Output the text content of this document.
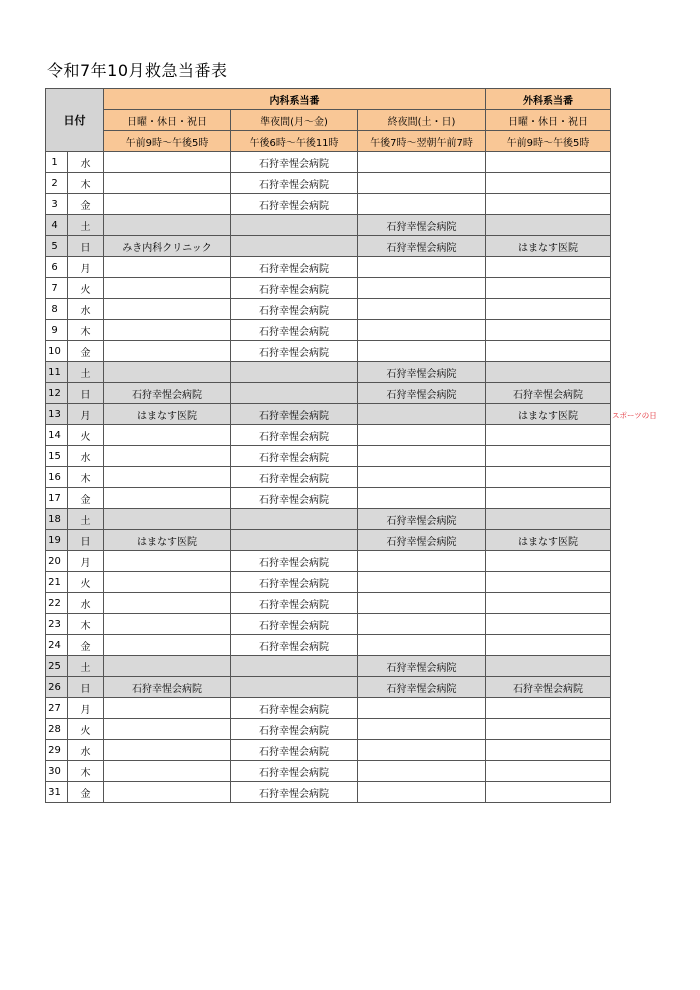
令和7年10月救急当番表
日付		内科系当番			外科系当番
		日曜・休日・祝日	準夜間(月～金)	終夜間(土・日)	日曜・休日・祝日
		午前9時～午後5時	午後6時～午後11時	午後7時～翌朝午前7時	午前9時～午後5時
1	水		石狩幸惺会病院		
2	木		石狩幸惺会病院		
3	金		石狩幸惺会病院		
4	土			石狩幸惺会病院	
5	日	みき内科クリニック		石狩幸惺会病院	はまなす医院
6	月		石狩幸惺会病院		
7	火		石狩幸惺会病院		
8	水		石狩幸惺会病院		
9	木		石狩幸惺会病院		
10	金		石狩幸惺会病院		
11	土			石狩幸惺会病院	
12	日	石狩幸惺会病院		石狩幸惺会病院	石狩幸惺会病院
13	月	はまなす医院	石狩幸惺会病院		はまなす医院
14	火		石狩幸惺会病院		
15	水		石狩幸惺会病院		
16	木		石狩幸惺会病院		
17	金		石狩幸惺会病院		
18	土			石狩幸惺会病院	
19	日	はまなす医院		石狩幸惺会病院	はまなす医院
20	月		石狩幸惺会病院		
21	火		石狩幸惺会病院		
22	水		石狩幸惺会病院		
23	木		石狩幸惺会病院		
24	金		石狩幸惺会病院		
25	土			石狩幸惺会病院	
26	日	石狩幸惺会病院		石狩幸惺会病院	石狩幸惺会病院
27	月		石狩幸惺会病院		
28	火		石狩幸惺会病院		
29	水		石狩幸惺会病院		
30	木		石狩幸惺会病院		
31	金		石狩幸惺会病院		
スポーツの日
